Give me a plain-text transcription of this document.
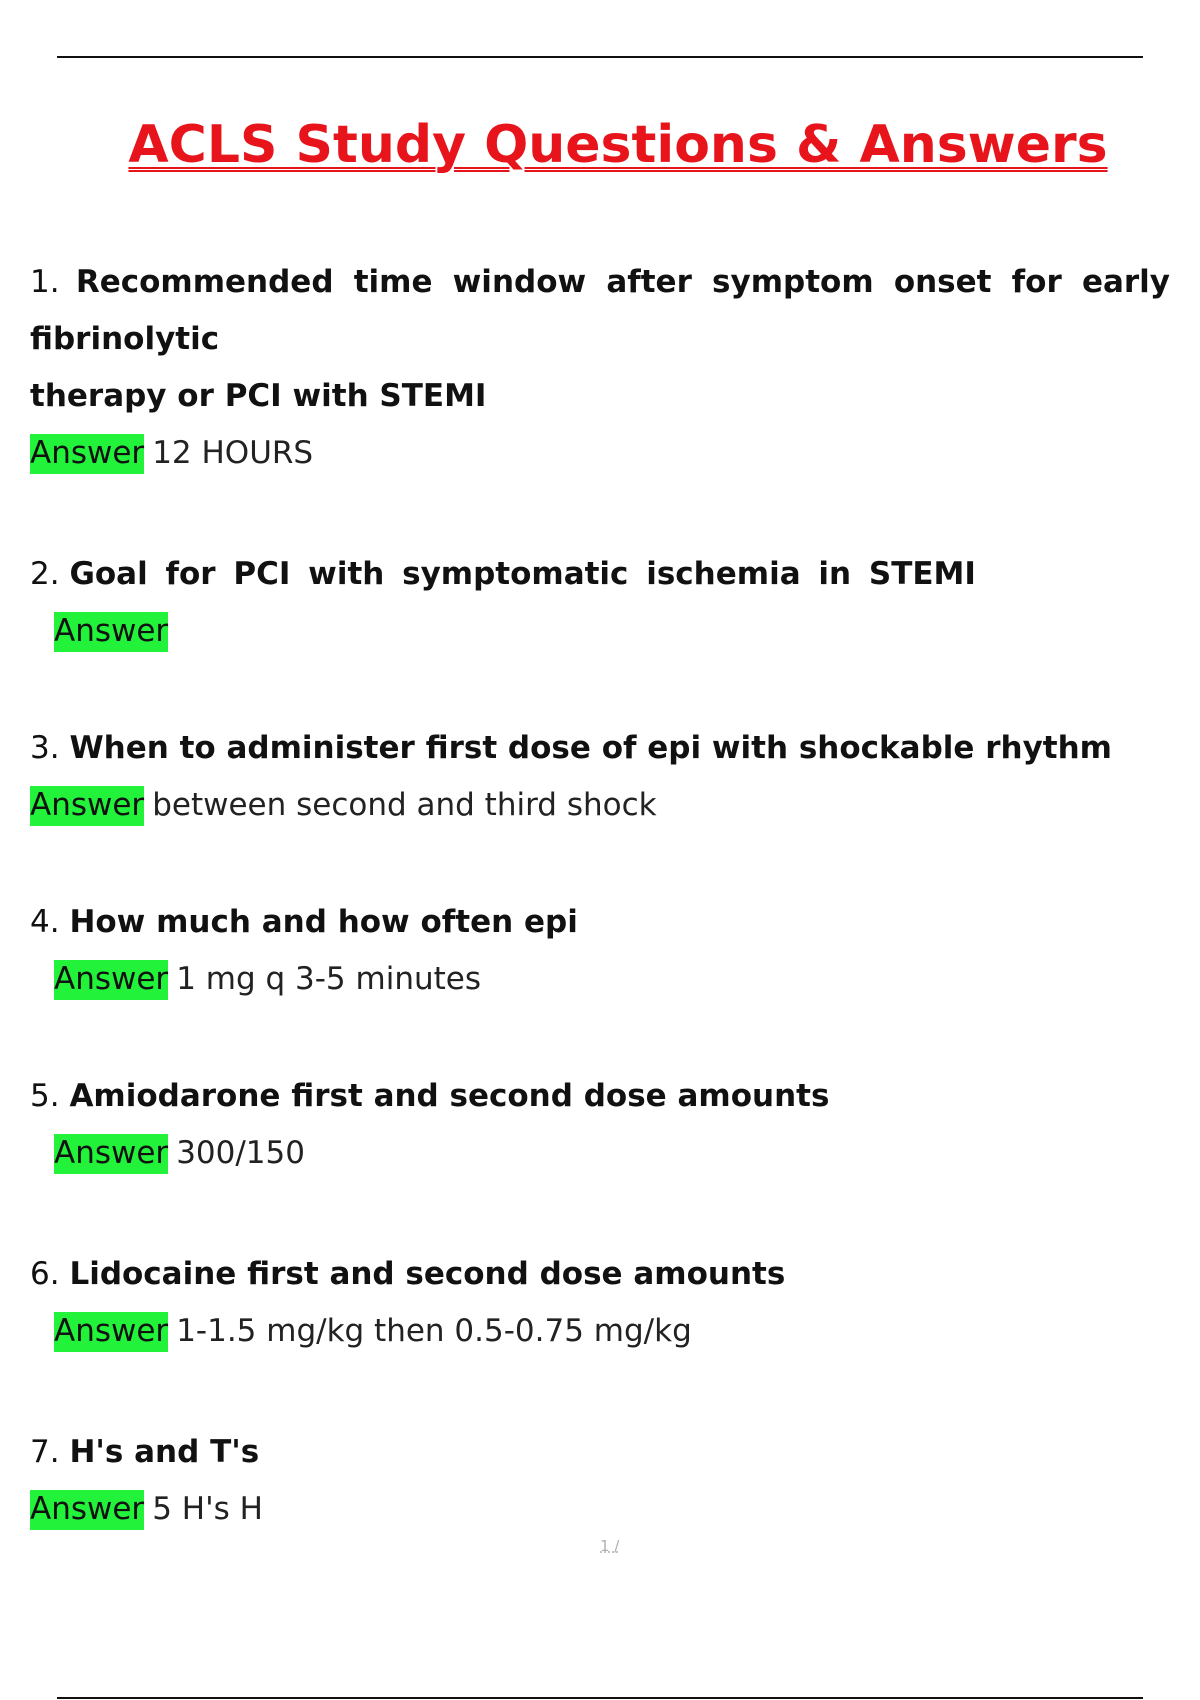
ACLS Study Questions & Answers

1. Recommended time window after symptom onset for early fibrinolytic
therapy or PCI with STEMI

Answer 12 HOURS

2. Goal for PCI with symptomatic ischemia in STEMI

Answer

3. When to administer first dose of epi with shockable rhythm

Answer between second and third shock

4. How much and how often epi

Answer 1 mg q 3-5 minutes

5. Amiodarone first and second dose amounts

Answer 300/150

6. Lidocaine first and second dose amounts

Answer 1-1.5 mg/kg then 0.5-0.75 mg/kg

7. H's and T's

Answer 5 H's H

1 /
